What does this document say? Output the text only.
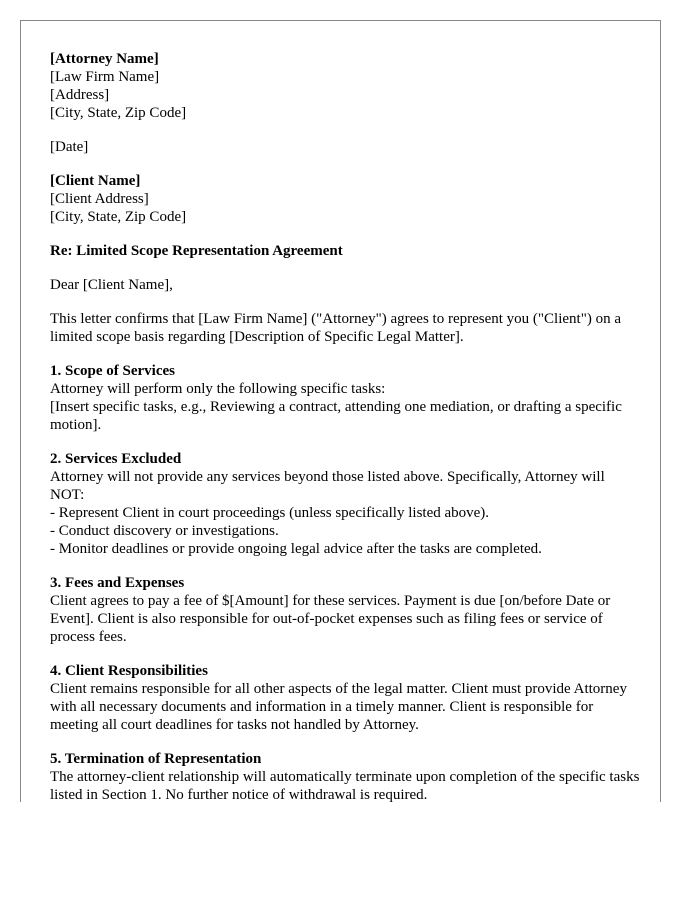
[Attorney Name]
[Law Firm Name]
[Address]
[City, State, Zip Code]
[Date]
[Client Name]
[Client Address]
[City, State, Zip Code]
Re: Limited Scope Representation Agreement
Dear [Client Name],

This letter confirms that [Law Firm Name] ("Attorney") agrees to represent you ("Client") on a limited scope basis regarding [Description of Specific Legal Matter].

1. Scope of Services
Attorney will perform only the following specific tasks:
[Insert specific tasks, e.g., Reviewing a contract, attending one mediation, or drafting a specific motion].
2. Services Excluded
Attorney will not provide any services beyond those listed above. Specifically, Attorney will NOT:
- Represent Client in court proceedings (unless specifically listed above).
- Conduct discovery or investigations.
- Monitor deadlines or provide ongoing legal advice after the tasks are completed.
3. Fees and Expenses

Client agrees to pay a fee of $[Amount] for these services. Payment is due [on/before Date or Event]. Client is also responsible for out-of-pocket expenses such as filing fees or service of process fees.

4. Client Responsibilities

Client remains responsible for all other aspects of the legal matter. Client must provide Attorney with all necessary documents and information in a timely manner. Client is responsible for meeting all court deadlines for tasks not handled by Attorney.

5. Termination of Representation

The attorney-client relationship will automatically terminate upon completion of the specific tasks listed in Section 1. No further notice of withdrawal is required.
